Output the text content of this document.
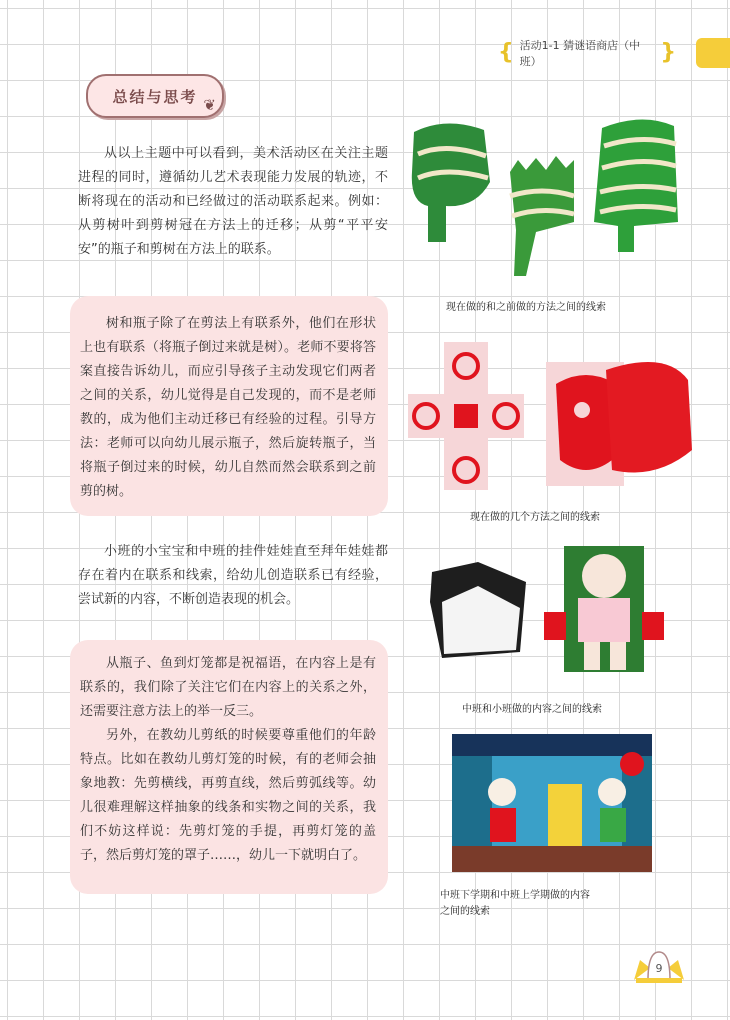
{ 活动1-1 猜谜语商店（中班）	}
总结与思考 ❦

从以上主题中可以看到，美术活动区在关注主题进程的同时，遵循幼儿艺术表现能力发展的轨迹，不断将现在的活动和已经做过的活动联系起来。例如：从剪树叶到剪树冠在方法上的迁移；从剪“平平安安”的瓶子和剪树在方法上的联系。

树和瓶子除了在剪法上有联系外，他们在形状上也有联系（将瓶子倒过来就是树）。老师不要将答案直接告诉幼儿，而应引导孩子主动发现它们两者之间的关系，幼儿觉得是自己发现的，而不是老师教的，成为他们主动迁移已有经验的过程。引导方法：老师可以向幼儿展示瓶子，然后旋转瓶子，当将瓶子倒过来的时候，幼儿自然而然会联系到之前剪的树。

小班的小宝宝和中班的挂件娃娃直至拜年娃娃都存在着内在联系和线索，给幼儿创造联系已有经验，尝试新的内容，不断创造表现的机会。

从瓶子、鱼到灯笼都是祝福语，在内容上是有联系的，我们除了关注它们在内容上的关系之外，还需要注意方法上的举一反三。

另外，在教幼儿剪纸的时候要尊重他们的年龄特点。比如在教幼儿剪灯笼的时候，有的老师会抽象地教：先剪横线，再剪直线，然后剪弧线等。幼儿很难理解这样抽象的线条和实物之间的关系，我们不妨这样说：先剪灯笼的手提，再剪灯笼的盖子，然后剪灯笼的罩子……，幼儿一下就明白了。

现在做的和之前做的方法之间的线索
现在做的几个方法之间的线索
中班和小班做的内容之间的线索
中班下学期和中班上学期做的内容
之间的线索
9
